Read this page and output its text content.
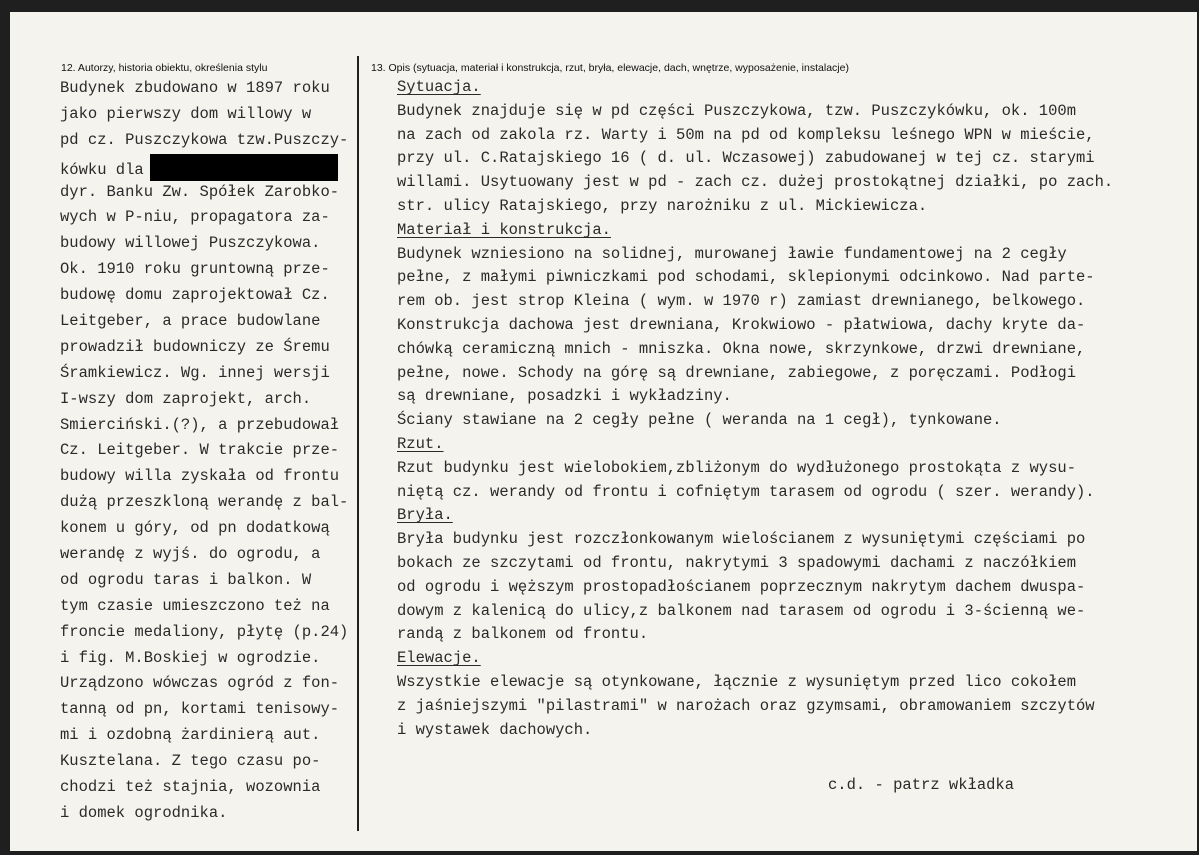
12. Autorzy, historia obiektu, określenia stylu	13. Opis (sytuacja, materiał i konstrukcja, rzut, bryła, elewacje, dach, wnętrze, wyposażenie, instalacje)
Budynek zbudowano w 1897 roku
jako pierwszy dom willowy w
pd cz. Puszczykowa tzw.Puszczy-
kówku dla
dyr. Banku Zw. Spółek Zarobko-
wych w P-niu, propagatora za-
budowy willowej Puszczykowa.
Ok. 1910 roku gruntowną prze-
budowę domu zaprojektował Cz.
Leitgeber, a prace budowlane
prowadził budowniczy ze Śremu
Śramkiewicz. Wg. innej wersji
I-wszy dom zaprojekt, arch.
Smierciński.(?), a przebudował
Cz. Leitgeber. W trakcie prze-
budowy willa zyskała od frontu
dużą przeszkloną werandę z bal-
konem u góry, od pn dodatkową
werandę z wyjś. do ogrodu, a
od ogrodu taras i balkon. W
tym czasie umieszczono też na
froncie medaliony, płytę (p.24)
i fig. M.Boskiej w ogrodzie.
Urządzono wówczas ogród z fon-
tanną od pn, kortami tenisowy-
mi i ozdobną żardinierą aut.
Kusztelana. Z tego czasu po-
chodzi też stajnia, wozownia
i domek ogrodnika.
Sytuacja.
Budynek znajduje się w pd części Puszczykowa, tzw. Puszczykówku, ok. 100m
na zach od zakola rz. Warty i 50m na pd od kompleksu leśnego WPN w mieście,
przy ul. C.Ratajskiego 16 ( d. ul. Wczasowej) zabudowanej w tej cz. starymi
willami. Usytuowany jest w pd - zach cz. dużej prostokątnej działki, po zach.
str. ulicy Ratajskiego, przy narożniku z ul. Mickiewicza.
Materiał i konstrukcja.
Budynek wzniesiono na solidnej, murowanej ławie fundamentowej na 2 cegły
pełne, z małymi piwniczkami pod schodami, sklepionymi odcinkowo. Nad parte-
rem ob. jest strop Kleina ( wym. w 1970 r) zamiast drewnianego, belkowego.
Konstrukcja dachowa jest drewniana, Krokwiowo - płatwiowa, dachy kryte da-
chówką ceramiczną mnich - mniszka. Okna nowe, skrzynkowe, drzwi drewniane,
pełne, nowe. Schody na górę są drewniane, zabiegowe, z poręczami. Podłogi
są drewniane, posadzki i wykładziny.
Ściany stawiane na 2 cegły pełne ( weranda na 1 cegł), tynkowane.
Rzut.
Rzut budynku jest wielobokiem,zbliżonym do wydłużonego prostokąta z wysu-
niętą cz. werandy od frontu i cofniętym tarasem od ogrodu ( szer. werandy).
Bryła.
Bryła budynku jest rozczłonkowanym wielościanem z wysuniętymi częściami po
bokach ze szczytami od frontu, nakrytymi 3 spadowymi dachami z naczółkiem
od ogrodu i węższym prostopadłościanem poprzecznym nakrytym dachem dwuspa-
dowym z kalenicą do ulicy,z balkonem nad tarasem od ogrodu i 3-ścienną we-
randą z balkonem od frontu.
Elewacje.
Wszystkie elewacje są otynkowane, łącznie z wysuniętym przed lico cokołem
z jaśniejszymi "pilastrami" w narożach oraz gzymsami, obramowaniem szczytów
i wystawek dachowych.
c.d. - patrz wkładka
